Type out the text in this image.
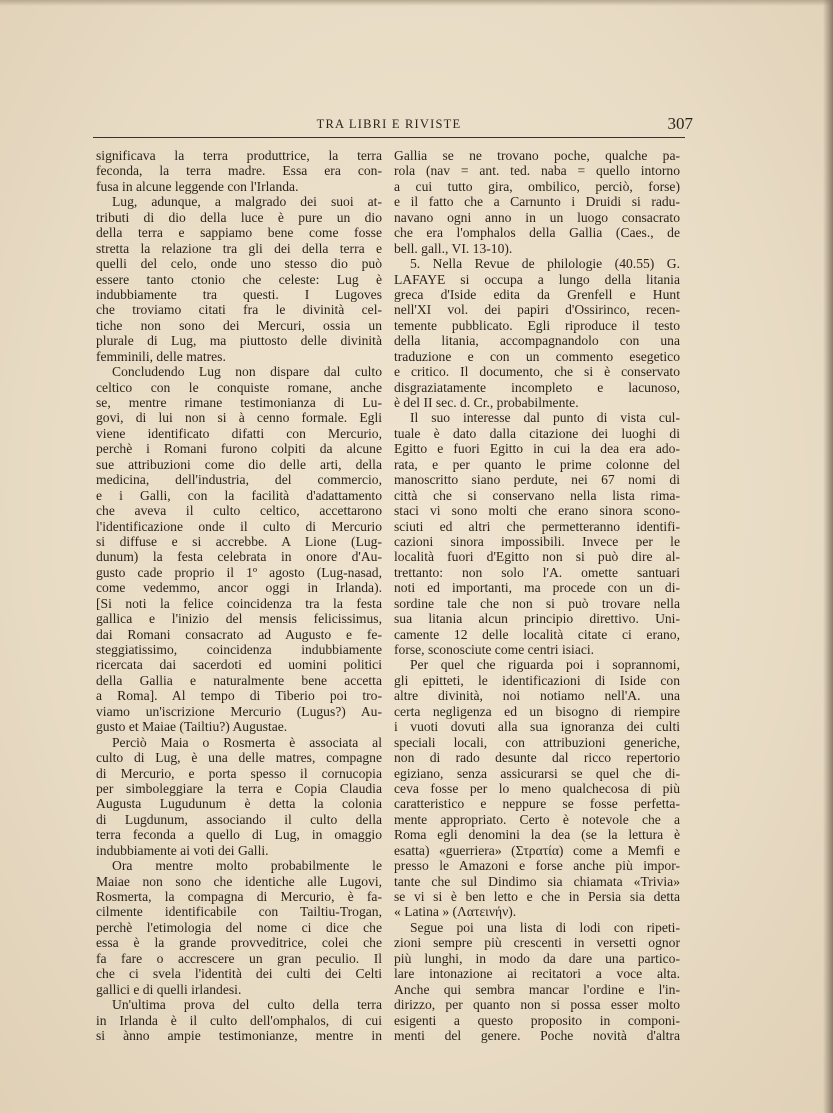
TRA LIBRI E RIVISTE	307
significava la terra produttrice, la terra
feconda, la terra madre. Essa era con-
fusa in alcune leggende con l'Irlanda.
Lug, adunque, a malgrado dei suoi at-
tributi di dio della luce è pure un dio
della terra e sappiamo bene come fosse
stretta la relazione tra gli dei della terra e
quelli del celo, onde uno stesso dio può
essere tanto ctonio che celeste: Lug è
indubbiamente tra questi. I Lugoves
che troviamo citati fra le divinità cel-
tiche non sono dei Mercuri, ossia un
plurale di Lug, ma piuttosto delle divinità
femminili, delle matres.
Concludendo Lug non dispare dal culto
celtico con le conquiste romane, anche
se, mentre rimane testimonianza di Lu-
govi, di lui non si à cenno formale. Egli
viene identificato difatti con Mercurio,
perchè i Romani furono colpiti da alcune
sue attribuzioni come dio delle arti, della
medicina, dell'industria, del commercio,
e i Galli, con la facilità d'adattamento
che aveva il culto celtico, accettarono
l'identificazione onde il culto di Mercurio
si diffuse e si accrebbe. A Lione (Lug-
dunum) la festa celebrata in onore d'Au-
gusto cade proprio il 1º agosto (Lug-nasad,
come vedemmo, ancor oggi in Irlanda).
[Si noti la felice coincidenza tra la festa
gallica e l'inizio del mensis felicissimus,
dai Romani consacrato ad Augusto e fe-
steggiatissimo, coincidenza indubbiamente
ricercata dai sacerdoti ed uomini politici
della Gallia e naturalmente bene accetta
a Roma]. Al tempo di Tiberio poi tro-
viamo un'iscrizione Mercurio (Lugus?) Au-
gusto et Maiae (Tailtiu?) Augustae.
Perciò Maia o Rosmerta è associata al
culto di Lug, è una delle matres, compagne
di Mercurio, e porta spesso il cornucopia
per simboleggiare la terra e Copia Claudia
Augusta Lugudunum è detta la colonia
di Lugdunum, associando il culto della
terra feconda a quello di Lug, in omaggio
indubbiamente ai voti dei Galli.
Ora mentre molto probabilmente le
Maiae non sono che identiche alle Lugovi,
Rosmerta, la compagna di Mercurio, è fa-
cilmente identificabile con Tailtiu-Trogan,
perchè l'etimologia del nome ci dice che
essa è la grande provveditrice, colei che
fa fare o accrescere un gran peculio. Il
che ci svela l'identità dei culti dei Celti
gallici e di quelli irlandesi.
Un'ultima prova del culto della terra
in Irlanda è il culto dell'omphalos, di cui
si ànno ampie testimonianze, mentre in
Gallia se ne trovano poche, qualche pa-
rola (nav = ant. ted. naba = quello intorno
a cui tutto gira, ombilico, perciò, forse)
e il fatto che a Carnunto i Druidi si radu-
navano ogni anno in un luogo consacrato
che era l'omphalos della Gallia (Caes., de
bell. gall., VI. 13-10).
5. Nella Revue de philologie (40.55) G.
LAFAYE si occupa a lungo della litania
greca d'Iside edita da Grenfell e Hunt
nell'XI vol. dei papiri d'Ossirinco, recen-
temente pubblicato. Egli riproduce il testo
della litania, accompagnandolo con una
traduzione e con un commento esegetico
e critico. Il documento, che si è conservato
disgraziatamente incompleto e lacunoso,
è del II sec. d. Cr., probabilmente.
Il suo interesse dal punto di vista cul-
tuale è dato dalla citazione dei luoghi di
Egitto e fuori Egitto in cui la dea era ado-
rata, e per quanto le prime colonne del
manoscritto siano perdute, nei 67 nomi di
città che si conservano nella lista rima-
staci vi sono molti che erano sinora scono-
sciuti ed altri che permetteranno identifi-
cazioni sinora impossibili. Invece per le
località fuori d'Egitto non si può dire al-
trettanto: non solo l'A. omette santuari
noti ed importanti, ma procede con un di-
sordine tale che non si può trovare nella
sua litania alcun principio direttivo. Uni-
camente 12 delle località citate ci erano,
forse, sconosciute come centri isiaci.
Per quel che riguarda poi i soprannomi,
gli epitteti, le identificazioni di Iside con
altre divinità, noi notiamo nell'A. una
certa negligenza ed un bisogno di riempire
i vuoti dovuti alla sua ignoranza dei culti
speciali locali, con attribuzioni generiche,
non di rado desunte dal ricco repertorio
egiziano, senza assicurarsi se quel che di-
ceva fosse per lo meno qualchecosa di più
caratteristico e neppure se fosse perfetta-
mente appropriato. Certo è notevole che a
Roma egli denomini la dea (se la lettura è
esatta) «guerriera» (Στρατία) come a Memfi e
presso le Amazoni e forse anche più impor-
tante che sul Dindimo sia chiamata «Trivia»
se vi si è ben letto e che in Persia sia detta
« Latina » (Λατεινήν).
Segue poi una lista di lodi con ripeti-
zioni sempre più crescenti in versetti ognor
più lunghi, in modo da dare una partico-
lare intonazione ai recitatori a voce alta.
Anche qui sembra mancar l'ordine e l'in-
dirizzo, per quanto non si possa esser molto
esigenti a questo proposito in componi-
menti del genere. Poche novità d'altra
